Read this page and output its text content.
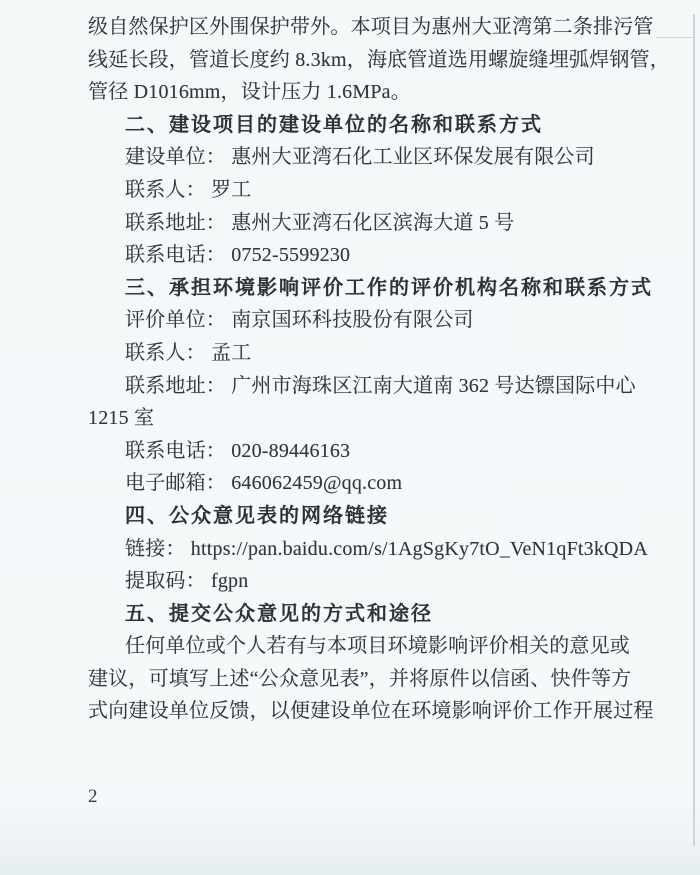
级自然保护区外围保护带外。本项目为惠州大亚湾第二条排污管
线延长段，管道长度约 8.3km，海底管道选用螺旋缝埋弧焊钢管，
管径 D1016mm，设计压力 1.6MPa。
二、建设项目的建设单位的名称和联系方式
建设单位： 惠州大亚湾石化工业区环保发展有限公司
联系人： 罗工
联系地址： 惠州大亚湾石化区滨海大道 5 号
联系电话： 0752-5599230
三、承担环境影响评价工作的评价机构名称和联系方式
评价单位： 南京国环科技股份有限公司
联系人： 孟工
联系地址： 广州市海珠区江南大道南 362 号达镖国际中心
1215 室
联系电话： 020-89446163
电子邮箱： 646062459@qq.com
四、公众意见表的网络链接
链接： https://pan.baidu.com/s/1AgSgKy7tO_VeN1qFt3kQDA
提取码： fgpn
五、提交公众意见的方式和途径
任何单位或个人若有与本项目环境影响评价相关的意见或
建议，可填写上述“公众意见表”，并将原件以信函、快件等方
式向建设单位反馈，以便建设单位在环境影响评价工作开展过程
2
